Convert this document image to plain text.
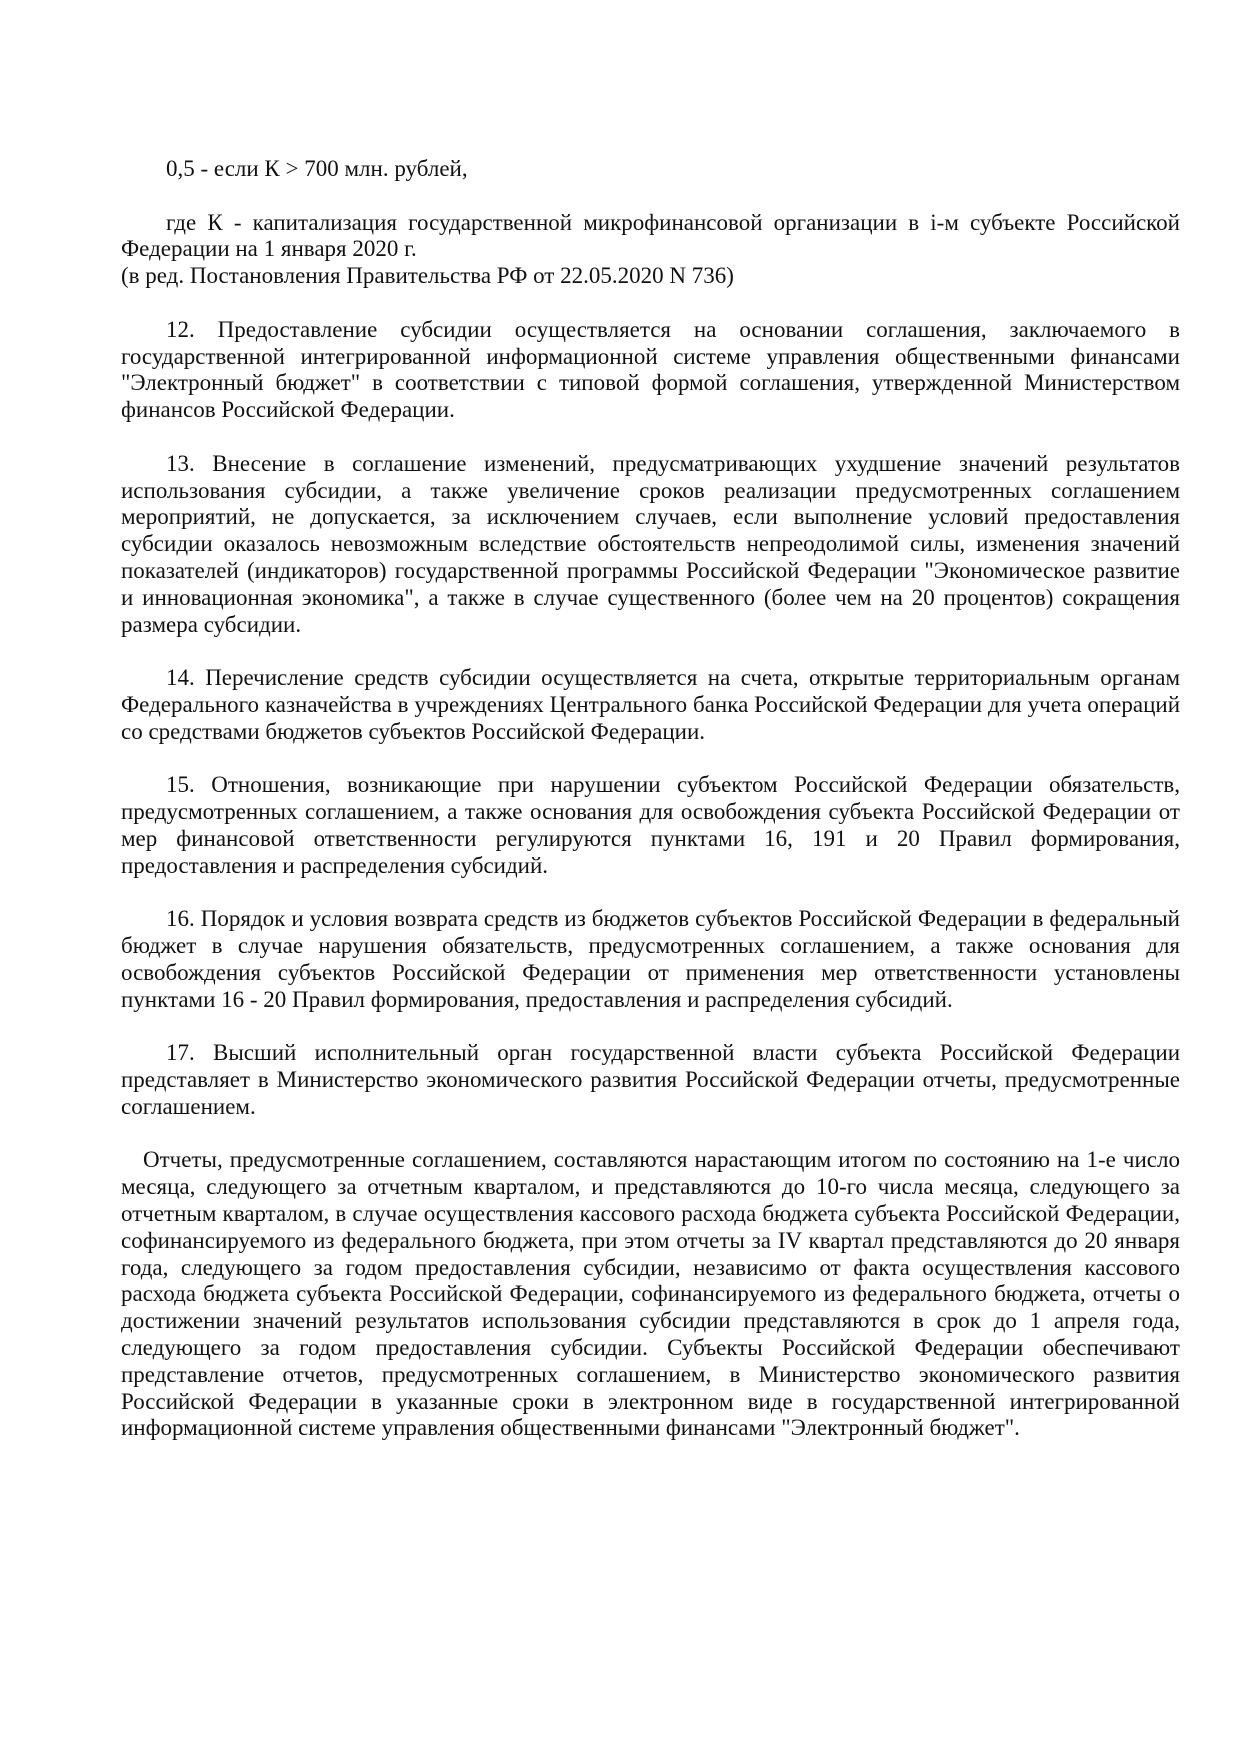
0,5 - если К > 700 млн. рублей,

где К - капитализация государственной микрофинансовой организации в i-м субъекте Российской Федерации на 1 января 2020 г.

(в ред. Постановления Правительства РФ от 22.05.2020 N 736)

12. Предоставление субсидии осуществляется на основании соглашения, заключаемого в государственной интегрированной информационной системе управления общественными финансами "Электронный бюджет" в соответствии с типовой формой соглашения, утвержденной Министерством финансов Российской Федерации.

13. Внесение в соглашение изменений, предусматривающих ухудшение значений результатов использования субсидии, а также увеличение сроков реализации предусмотренных соглашением мероприятий, не допускается, за исключением случаев, если выполнение условий предоставления субсидии оказалось невозможным вследствие обстоятельств непреодолимой силы, изменения значений показателей (индикаторов) государственной программы Российской Федерации "Экономическое развитие и инновационная экономика", а также в случае существенного (более чем на 20 процентов) сокращения размера субсидии.

14. Перечисление средств субсидии осуществляется на счета, открытые территориальным органам Федерального казначейства в учреждениях Центрального банка Российской Федерации для учета операций со средствами бюджетов субъектов Российской Федерации.

15. Отношения, возникающие при нарушении субъектом Российской Федерации обязательств, предусмотренных соглашением, а также основания для освобождения субъекта Российской Федерации от мер финансовой ответственности регулируются пунктами 16, 191 и 20 Правил формирования, предоставления и распределения субсидий.

16. Порядок и условия возврата средств из бюджетов субъектов Российской Федерации в федеральный бюджет в случае нарушения обязательств, предусмотренных соглашением, а также основания для освобождения субъектов Российской Федерации от применения мер ответственности установлены пунктами 16 - 20 Правил формирования, предоставления и распределения субсидий.

17. Высший исполнительный орган государственной власти субъекта Российской Федерации представляет в Министерство экономического развития Российской Федерации отчеты, предусмотренные соглашением.

Отчеты, предусмотренные соглашением, составляются нарастающим итогом по состоянию на 1-е число месяца, следующего за отчетным кварталом, и представляются до 10-го числа месяца, следующего за отчетным кварталом, в случае осуществления кассового расхода бюджета субъекта Российской Федерации, софинансируемого из федерального бюджета, при этом отчеты за IV квартал представляются до 20 января года, следующего за годом предоставления субсидии, независимо от факта осуществления кассового расхода бюджета субъекта Российской Федерации, софинансируемого из федерального бюджета, отчеты о достижении значений результатов использования субсидии представляются в срок до 1 апреля года, следующего за годом предоставления субсидии. Субъекты Российской Федерации обеспечивают представление отчетов, предусмотренных соглашением, в Министерство экономического развития Российской Федерации в указанные сроки в электронном виде в государственной интегрированной информационной системе управления общественными финансами "Электронный бюджет".
